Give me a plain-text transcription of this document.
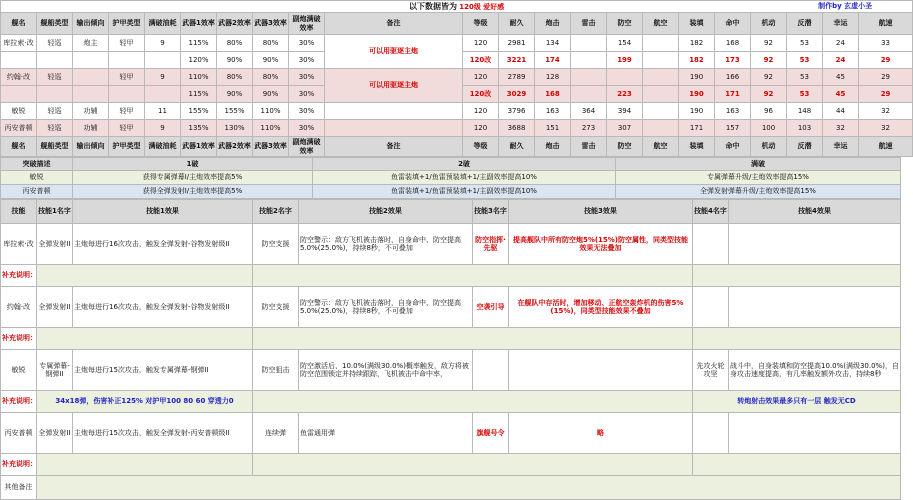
以下数据皆为 120级 爱好感 制作by 玄虚小圣																					

舰名	舰船类型	输出倾向	护甲类型	满破油耗	武器1效率	武器2效率	武器3效率	副炮满破效率	备注	等级	耐久	炮击	雷击	防空	航空	装填	命中	机动	反潜	幸运	航速
库拉索·改	轻巡	炮主	轻甲	9	115%	80%	80%	30%	可以用驱逐主炮	120	2981	134		154		182	168	92	53	24	33
					120%	90%	90%	30%		120改	3221	174		199		182	173	92	53	24	29
约翰·改	轻巡		轻甲	9	110%	80%	80%	30%	可以用驱逐主炮	120	2789	128				190	166	92	53	45	29
					115%	90%	90%	30%		120改	3029	168		223		190	171	92	53	45	29
敏锐	轻巡	功辅	轻甲	11	155%	155%	110%	30%		120	3796	163	364	394		190	163	96	148	44	32
丙安普顿	轻巡	功辅	轻甲	9	135%	130%	110%	30%		120	3688	151	273	307		171	157	100	103	32	32
舰名	舰船类型	输出倾向	护甲类型	满破油耗	武器1效率	武器2效率	武器3效率	副炮满破效率	备注	等级	耐久	炮击	雷击	防空	航空	装填	命中	机动	反潜	幸运	航速
突破描述	1破	2破	满破
敏锐	获得专属弹幕I/主炮效率提高5%	鱼雷装填+1/鱼雷预装填+1/主副效率提高10%	专属弹幕升级/主炮效率提高15%
丙安普顿	获得全弹发射I/主炮效率提高5%	鱼雷装填+1/鱼雷预装填+1/主副效率提高10%	全弹发射弹幕升级/主炮效率提高15%
技能	技能1名字	技能1效果	技能2名字	技能2效果	技能3名字	技能3效果	技能4名字	技能4效果
库拉索·改	全弹发射II	主炮每进行16次攻击，触发全弹发射-谷物发射级II	防空支援	防空警示：敌方飞机被击落时，自身命中、防空提高5.0%(25.0%)，持续8秒，不可叠加	防空指挥·先驱	提高舰队中所有防空炮5%(15%)防空属性，同类型技能效果无法叠加		
补充说明：								
约翰·改	全弹发射II	主炮每进行16次攻击，触发全弹发射-谷物发射级II	防空支援	防空警示：敌方飞机被击落时，自身命中、防空提高5.0%(25.0%)，持续8秒，不可叠加	空袭引导	在舰队中存活时，增加移动、正航空轰炸机的伤害5%(15%)，同类型技能效果不叠加		
补充说明：								
敏锐	专属弹幕-钢弹II	主炮每进行15次攻击，触发专属弹幕-钢弹II	防空狙击	防空激活后，10.0%(满级30.0%)概率触发，敌方将被防空范围锁定并持续跟踪，飞机被击中命中率，			先攻火轮攻坚	战斗中，自身装填和防空提高10.0%(满级30.0%)，自身攻击速度提高，有几率触发额外攻击，持续8秒
补充说明：	34x18弹，伤害补正125% 对护甲100 80 60 穿透力0						转炮射击效果最多只有一层 触发无CD	
丙安普顿	全弹发射II	主炮每进行15次攻击，触发全弹发射-丙安普顿级II	连续弹	鱼雷通用弹	旗舰号令	略		
补充说明：								
其他备注								
